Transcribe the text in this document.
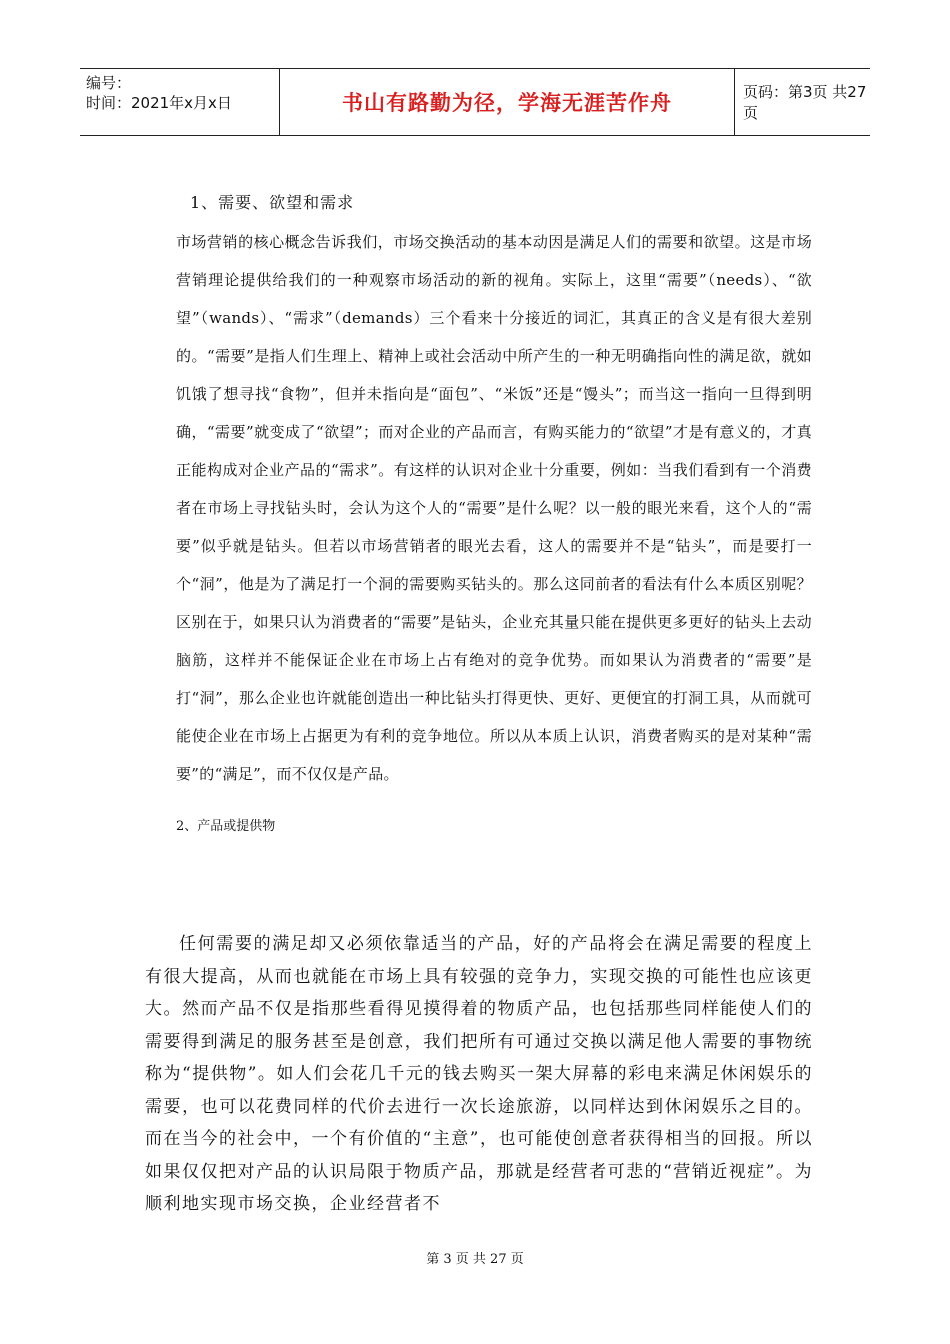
编号：
时间：2021年x月x日	书山有路勤为径，学海无涯苦作舟	页码：第3页 共27页
1、需要、欲望和需求

市场营销的核心概念告诉我们，市场交换活动的基本动因是满足人们的需要和欲望。这是市场营销理论提供给我们的一种观察市场活动的新的视角。实际上，这里“需要”（needs）、“欲望”（wands）、“需求”（demands）三个看来十分接近的词汇，其真正的含义是有很大差别的。“需要”是指人们生理上、精神上或社会活动中所产生的一种无明确指向性的满足欲，就如饥饿了想寻找“食物”，但并未指向是“面包”、“米饭”还是“馒头”；而当这一指向一旦得到明确，“需要”就变成了“欲望”；而对企业的产品而言，有购买能力的“欲望”才是有意义的，才真正能构成对企业产品的“需求”。有这样的认识对企业十分重要，例如：当我们看到有一个消费者在市场上寻找钻头时，会认为这个人的“需要”是什么呢？以一般的眼光来看，这个人的“需要”似乎就是钻头。但若以市场营销者的眼光去看，这人的需要并不是“钻头”，而是要打一个“洞”，他是为了满足打一个洞的需要购买钻头的。那么这同前者的看法有什么本质区别呢？区别在于，如果只认为消费者的“需要”是钻头，企业充其量只能在提供更多更好的钻头上去动脑筋，这样并不能保证企业在市场上占有绝对的竞争优势。而如果认为消费者的“需要”是打“洞”，那么企业也许就能创造出一种比钻头打得更快、更好、更便宜的打洞工具，从而就可能使企业在市场上占据更为有利的竞争地位。所以从本质上认识，消费者购买的是对某种“需要”的“满足”，而不仅仅是产品。

2、产品或提供物

任何需要的满足却又必须依靠适当的产品，好的产品将会在满足需要的程度上有很大提高，从而也就能在市场上具有较强的竞争力，实现交换的可能性也应该更大。然而产品不仅是指那些看得见摸得着的物质产品，也包括那些同样能使人们的需要得到满足的服务甚至是创意，我们把所有可通过交换以满足他人需要的事物统称为“提供物”。如人们会花几千元的钱去购买一架大屏幕的彩电来满足休闲娱乐的需要，也可以花费同样的代价去进行一次长途旅游，以同样达到休闲娱乐之目的。而在当今的社会中，一个有价值的“主意”，也可能使创意者获得相当的回报。所以如果仅仅把对产品的认识局限于物质产品，那就是经营者可悲的“营销近视症”。为顺利地实现市场交换，企业经营者不

第 3 页 共 27 页
